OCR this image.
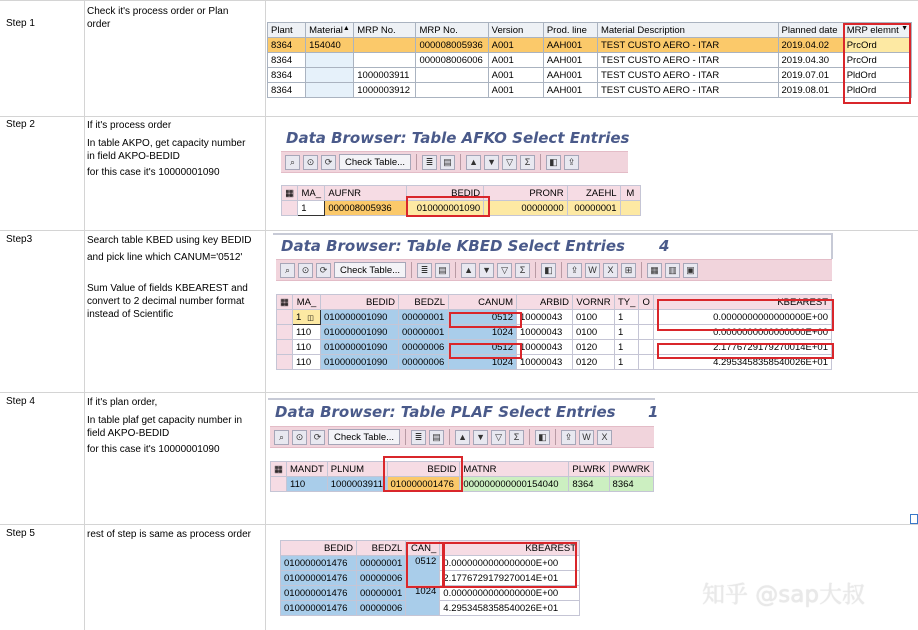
Step 1
Check it's process order or Plan
order
Step 2	If it's process order
In table AKPO, get capacity number
in field AKPO-BEDID
for this case it's 10000001090
Step3	Search table KBED using key BEDID
and pick line which CANUM='0512'
Sum Value of fields KBEAREST and
convert to 2 decimal number format
instead of Scientific
Step 4	If it's plan order,
In table plaf get capacity number in
field AKPO-BEDID
for this case it's 10000001090
Step 5	rest of step is same as process order
Plant	Material▲	MRP No.	MRP No.	Version	Prod. line	Material Description	Planned date	MRP elemnt ▼

8364	154040		000008005936	A001	AAH001	TEST CUSTO AERO - ITAR	2019.04.02	PrcOrd
8364			000008006006	A001	AAH001	TEST CUSTO AERO - ITAR	2019.04.30	PrcOrd
8364		1000003911		A001	AAH001	TEST CUSTO AERO - ITAR	2019.07.01	PldOrd
8364		1000003912		A001	AAH001	TEST CUSTO AERO - ITAR	2019.08.01	PldOrd
Data Browser: Table AFKO Select Entries
⌕	⊙	⟳	Check Table...	≣	▤	▲	▼	▽	Σ	◧	⇪
▦	MA_	AUFNR	BEDID	PRONR	ZAEHL	M
	1	000008005936	010000001090	00000000	00000001	
Data Browser: Table KBED Select Entries 4
⌕	⊙	⟳	Check Table...	≣	▤	▲	▼	▽	Σ	◧	⇪	W	X	⊞	▦	▥	▣
▦	MA_	BEDID	BEDZL	CANUM	ARBID	VORNR	TY_	O	KBEAREST
	1 ◫	010000001090	00000001	0512	10000043	0100	1		0.0000000000000000E+00
	110	010000001090	00000001	1024	10000043	0100	1		0.0000000000000000E+00
	110	010000001090	00000006	0512	10000043	0120	1		2.1776729179270014E+01
	110	010000001090	00000006	1024	10000043	0120	1		4.2953458358540026E+01
Data Browser: Table PLAF Select Entries 1
⌕	⊙	⟳	Check Table...	≣	▤	▲	▼	▽	Σ	◧	⇪	W	X
▦	MANDT	PLNUM	BEDID	MATNR	PLWRK	PWWRK
	110	1000003911	010000001476	000000000000154040	8364	8364
BEDID	BEDZL	CAN_	KBEAREST
010000001476	00000001	0512	0.0000000000000000E+00
010000001476	00000006		2.1776729179270014E+01
010000001476	00000001	1024	0.0000000000000000E+00
010000001476	00000006		4.2953458358540026E+01	知乎 @sap大叔
